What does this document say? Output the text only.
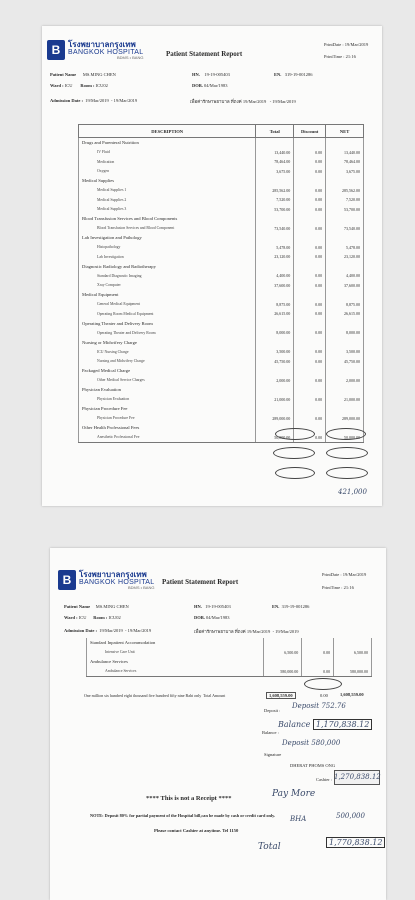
B โรงพยาบาลกรุงเทพ
BANGKOK HOSPITAL
BDMS • BANG	Patient Statement Report
PrintDate : 19/Mar/2019
PrintTime : 21:16
Patient Name MS.MING CHEN	HN. 19-19-005403	EN. 319-19-001286
Ward : ICU Room : ICU02	DOB. 04/Mar/1983
Admission Date : 19/Mar/2019 - 19/Mar/2019	เพื่อค่ารักษาพยาบาล ที่ถงค่ 19/Mar/2019 - 19/Mar/2019
DESCRIPTION	Total	Discount	NET
Drugs and Parenteral Nutrition			
IV Fluid	13,440.00	0.00	13,440.00
Medication	78,464.00	0.00	78,464.00
Oxygen	3,675.00	0.00	3,675.00
Medical Supplies			
Medical Supplies 1	285,562.00	0.00	285,562.00
Medical Supplies 2	7,520.00	0.00	7,520.00
Medical Supplies 3	53,700.00	0.00	53,700.00
Blood Transfusion Services and Blood Components			
Blood Transfusion Services and Blood Component	73,540.00	0.00	73,540.00
Lab Investigation and Pathology			
Histopathology	5,478.00	0.00	5,478.00
Lab Investigation	23,120.00	0.00	23,120.00
Diagnostic Radiology and Radiotherapy			
Standard Diagnostic Imaging	4,400.00	0.00	4,400.00
Xray Computer	37,600.00	0.00	37,600.00
Medical Equipment			
General Medical Equipment	8,875.00	0.00	8,875.00
Operating Room Medical Equipment	26,615.00	0.00	26,615.00
Operating Theater and Delivery Room			
Operating Theater and Delivery Room	8,000.00	0.00	8,000.00
Nursing or Midwifery Charge			
ICU Nursing Charge	3,500.00	0.00	3,500.00
Nursing and Midwifery Charge	45,750.00	0.00	45,750.00
Packaged Medical Charge			
Other Medical Service Charges	2,000.00	0.00	2,000.00
Physician Evaluation			
Physician Evaluation	21,000.00	0.00	21,000.00
Physician Procedure Fee			
Physician Procedure Fee	289,000.00	0.00	289,000.00
Other Health Professional Fees			
Anesthetic Professional Fee	50,000.00	0.00	50,000.00
421,000
B โรงพยาบาลกรุงเทพ
BANGKOK HOSPITAL
BDMS • BANG
Patient Statement Report
PrintDate : 19/Mar/2019
PrintTime : 21:16
Patient Name MS.MING CHEN	HN. 19-19-005403	EN. 319-19-001286
Ward : ICU Room : ICU02	DOB. 04/Mar/1983
Admission Date : 19/Mar/2019 - 19/Mar/2019	เพื่อค่ารักษาพยาบาล ที่ถงค่ 19/Mar/2019 - 19/Mar/2019
Standard Inpatient Accommodation			
Intensive Care Unit	6,500.00	0.00	6,500.00
Ambulance Services			
Ambulance Services	580,000.00	0.00	580,000.00
One million six hundred eight thousand five hundred fifty nine Baht only Total Amount	1,608,559.00	0.00	1,608,559.00
Deposit :
Balance :
Signature
DHERAT PHOMS ONG
Cashier :
Deposit 752.76
Balance 1,170,838.12
Deposit 580,000
1,270,838.12
**** This is not a Receipt ****	Pay More
NOTE: Deposit 80% for partial payment of the Hospital bill,can be made by cash or credit card only. BHA	500,000
Please contact Cashier at anytime. Tel 1150
Total	1,770,838.12
